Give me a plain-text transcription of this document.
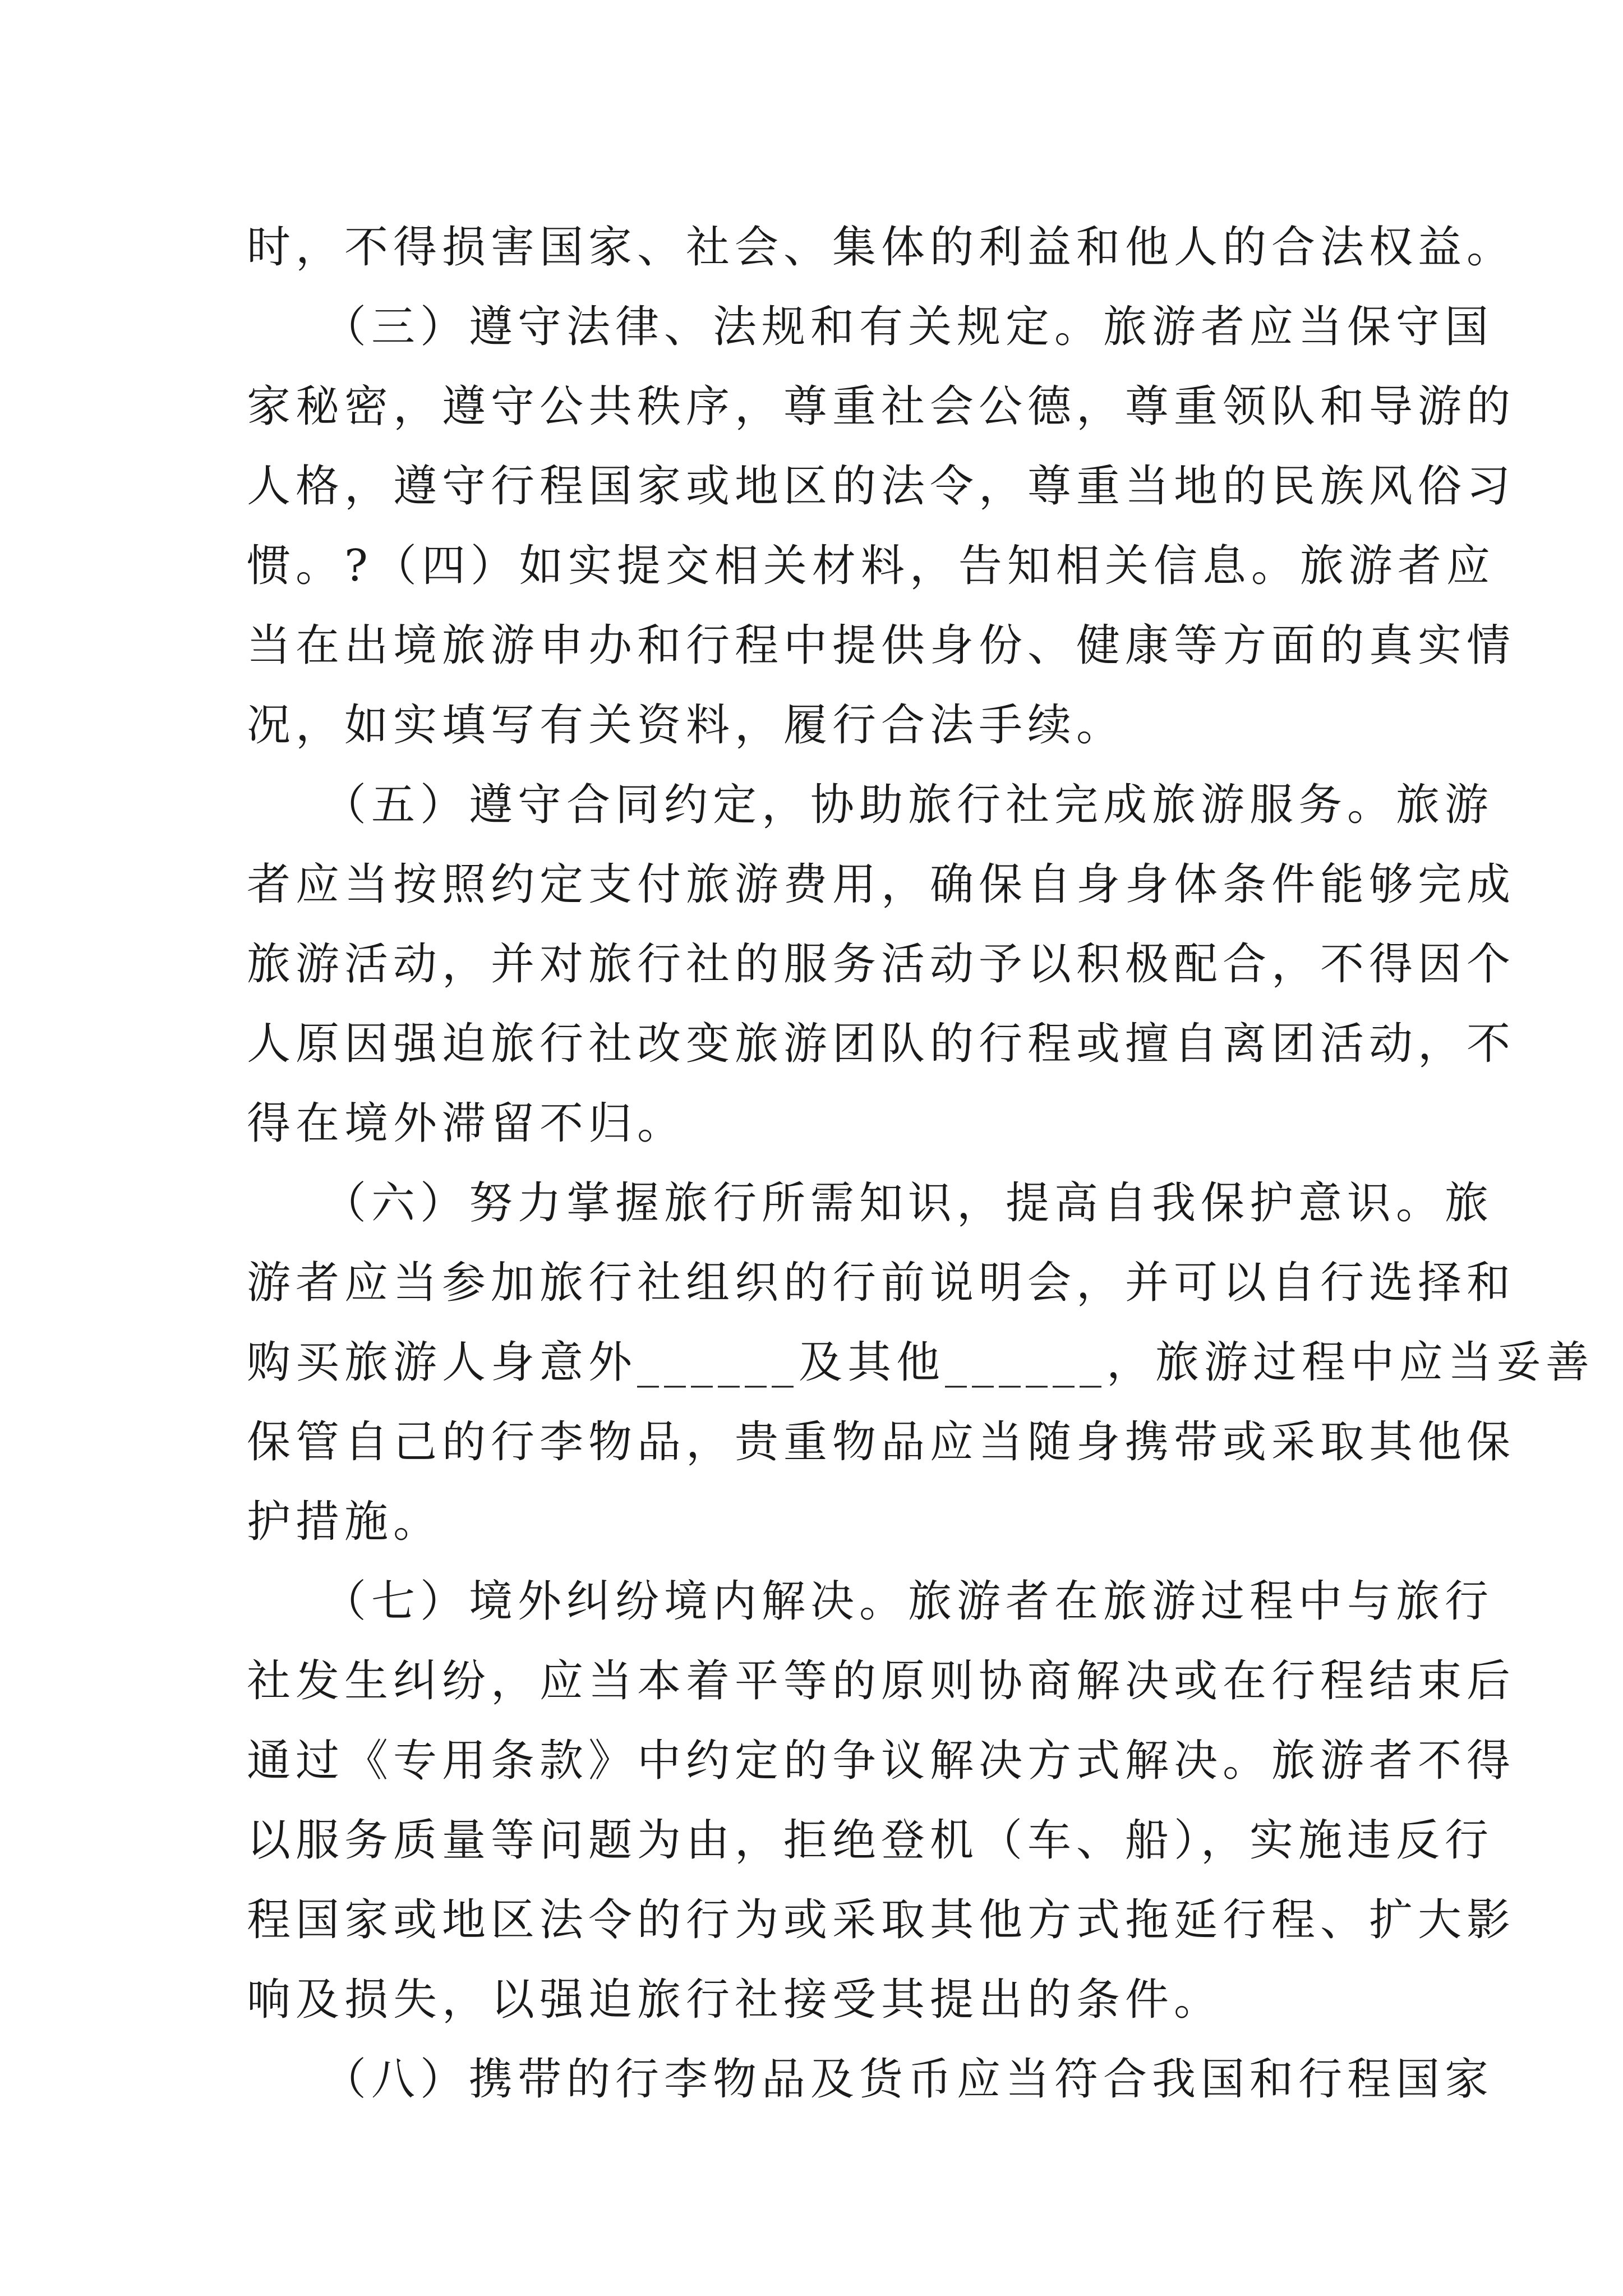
时，不得损害国家、社会、集体的利益和他人的合法权益。
　　（三）遵守法律、法规和有关规定。旅游者应当保守国
家秘密，遵守公共秩序，尊重社会公德，尊重领队和导游的
人格，遵守行程国家或地区的法令，尊重当地的民族风俗习
惯。?（四）如实提交相关材料，告知相关信息。旅游者应
当在出境旅游申办和行程中提供身份、健康等方面的真实情
况，如实填写有关资料，履行合法手续。
　　（五）遵守合同约定，协助旅行社完成旅游服务。旅游
者应当按照约定支付旅游费用，确保自身身体条件能够完成
旅游活动，并对旅行社的服务活动予以积极配合，不得因个
人原因强迫旅行社改变旅游团队的行程或擅自离团活动，不
得在境外滞留不归。
　　（六）努力掌握旅行所需知识，提高自我保护意识。旅
游者应当参加旅行社组织的行前说明会，并可以自行选择和
购买旅游人身意外______及其他______，旅游过程中应当妥善
保管自己的行李物品，贵重物品应当随身携带或采取其他保
护措施。
　　（七）境外纠纷境内解决。旅游者在旅游过程中与旅行
社发生纠纷，应当本着平等的原则协商解决或在行程结束后
通过《专用条款》中约定的争议解决方式解决。旅游者不得
以服务质量等问题为由，拒绝登机（车、船），实施违反行
程国家或地区法令的行为或采取其他方式拖延行程、扩大影
响及损失，以强迫旅行社接受其提出的条件。
　　（八）携带的行李物品及货币应当符合我国和行程国家
